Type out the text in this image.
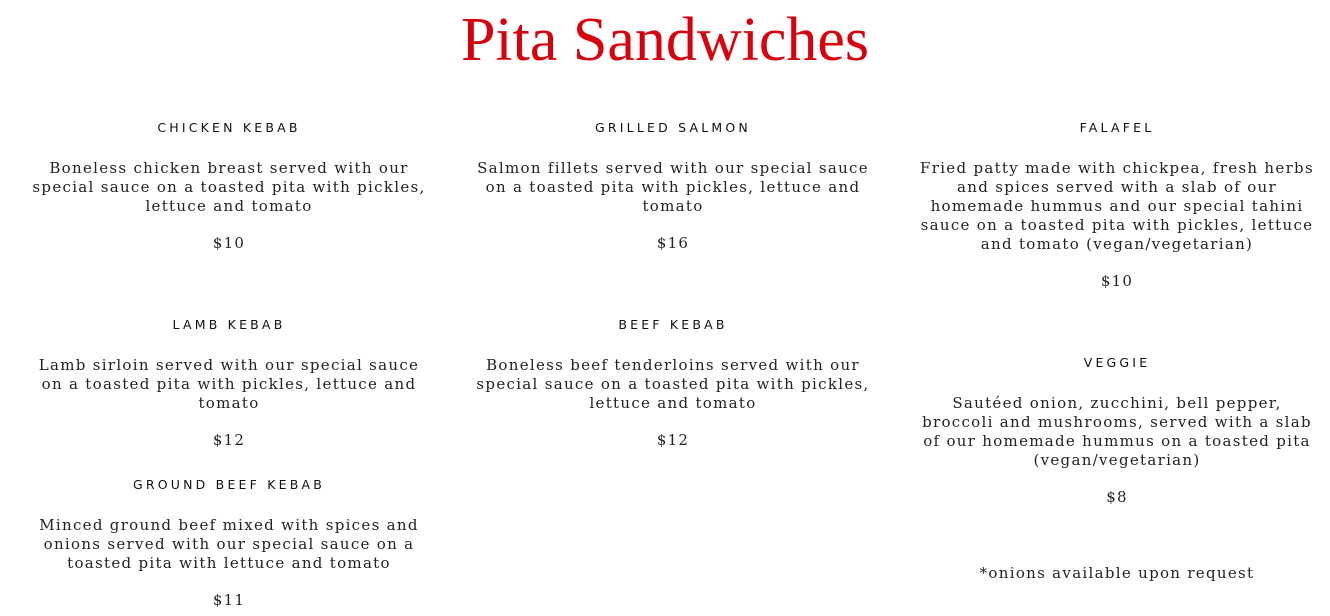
Pita Sandwiches
CHICKEN KEBAB
Boneless chicken breast served with our special sauce on a toasted pita with pickles, lettuce and tomato
$10
LAMB KEBAB
Lamb sirloin served with our special sauce on a toasted pita with pickles, lettuce and tomato
$12
GROUND BEEF KEBAB
Minced ground beef mixed with spices and onions served with our special sauce on a toasted pita with lettuce and tomato
$11
GRILLED SALMON
Salmon fillets served with our special sauce on a toasted pita with pickles, lettuce and tomato
$16
BEEF KEBAB
Boneless beef tenderloins served with our special sauce on a toasted pita with pickles, lettuce and tomato
$12
FALAFEL
Fried patty made with chickpea, fresh herbs and spices served with a slab of our homemade hummus and our special tahini sauce on a toasted pita with pickles, lettuce and tomato (vegan/vegetarian)
$10
VEGGIE
Sautéed onion, zucchini, bell pepper, broccoli and mushrooms, served with a slab of our homemade hummus on a toasted pita (vegan/vegetarian)
$8
*onions available upon request
